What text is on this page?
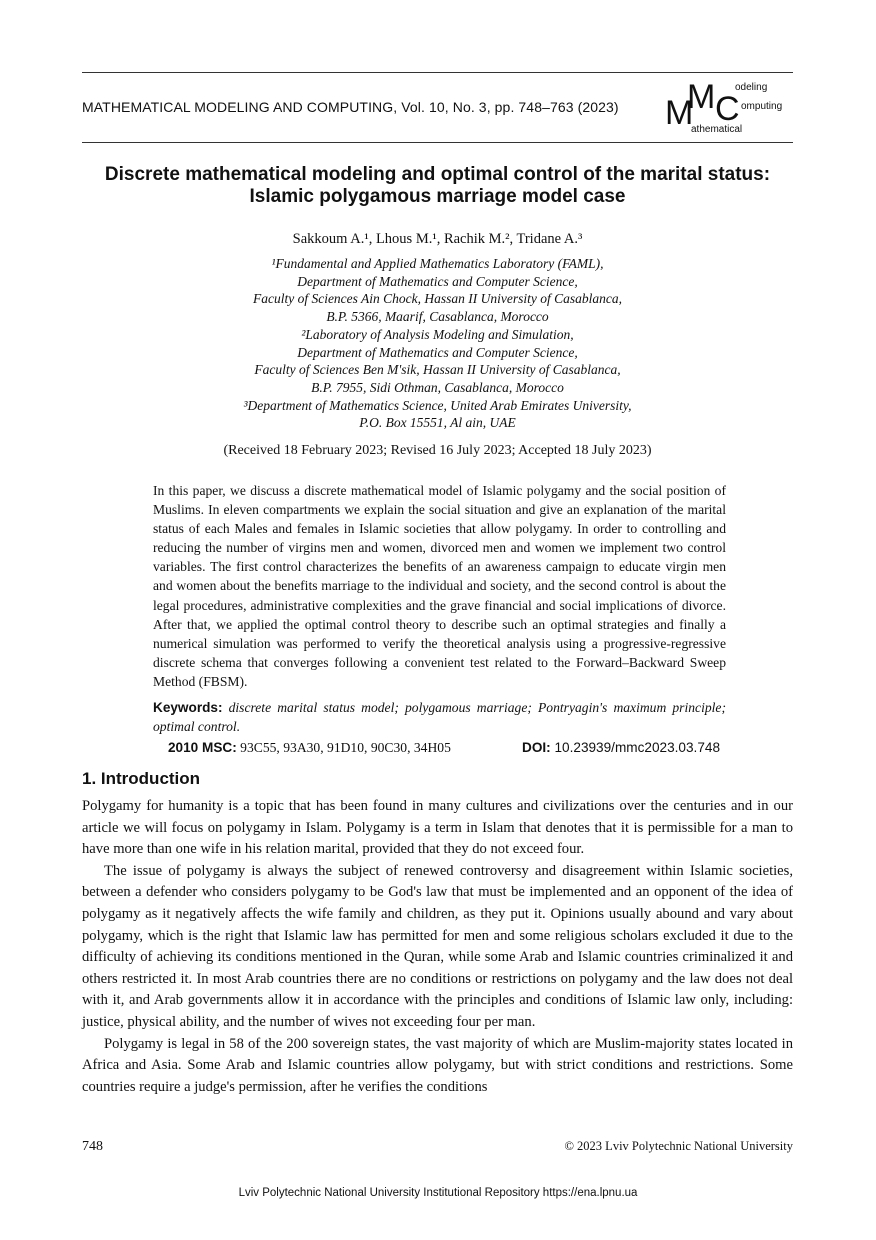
MATHEMATICAL MODELING AND COMPUTING, Vol. 10, No. 3, pp. 748–763 (2023) M
M C
odeling
omputing
athematical
Discrete mathematical modeling and optimal control of the marital status: Islamic polygamous marriage model case
Sakkoum A.¹, Lhous M.¹, Rachik M.², Tridane A.³
¹Fundamental and Applied Mathematics Laboratory (FAML),
Department of Mathematics and Computer Science,
Faculty of Sciences Ain Chock, Hassan II University of Casablanca,
B.P. 5366, Maarif, Casablanca, Morocco
²Laboratory of Analysis Modeling and Simulation,
Department of Mathematics and Computer Science,
Faculty of Sciences Ben M'sik, Hassan II University of Casablanca,
B.P. 7955, Sidi Othman, Casablanca, Morocco
³Department of Mathematics Science, United Arab Emirates University,
P.O. Box 15551, Al ain, UAE
(Received 18 February 2023; Revised 16 July 2023; Accepted 18 July 2023)

In this paper, we discuss a discrete mathematical model of Islamic polygamy and the social position of Muslims. In eleven compartments we explain the social situation and give an explanation of the marital status of each Males and females in Islamic societies that allow polygamy. In order to controlling and reducing the number of virgins men and women, divorced men and women we implement two control variables. The first control characterizes the benefits of an awareness campaign to educate virgin men and women about the benefits marriage to the individual and society, and the second control is about the legal procedures, administrative complexities and the grave financial and social implications of divorce. After that, we applied the optimal control theory to describe such an optimal strategies and finally a numerical simulation was performed to verify the theoretical analysis using a progressive-regressive discrete schema that converges following a convenient test related to the Forward–Backward Sweep Method (FBSM).

Keywords: discrete marital status model; polygamous marriage; Pontryagin's maximum principle; optimal control.
2010 MSC: 93C55, 93A30, 91D10, 90C30, 34H05	DOI: 10.23939/mmc2023.03.748
1. Introduction

Polygamy for humanity is a topic that has been found in many cultures and civilizations over the centuries and in our article we will focus on polygamy in Islam. Polygamy is a term in Islam that denotes that it is permissible for a man to have more than one wife in his relation marital, provided that they do not exceed four.

The issue of polygamy is always the subject of renewed controversy and disagreement within Islamic societies, between a defender who considers polygamy to be God's law that must be implemented and an opponent of the idea of polygamy as it negatively affects the wife family and children, as they put it. Opinions usually abound and vary about polygamy, which is the right that Islamic law has permitted for men and some religious scholars excluded it due to the difficulty of achieving its conditions mentioned in the Quran, while some Arab and Islamic countries criminalized it and others restricted it. In most Arab countries there are no conditions or restrictions on polygamy and the law does not deal with it, and Arab governments allow it in accordance with the principles and conditions of Islamic law only, including: justice, physical ability, and the number of wives not exceeding four per man.

Polygamy is legal in 58 of the 200 sovereign states, the vast majority of which are Muslim-majority states located in Africa and Asia. Some Arab and Islamic countries allow polygamy, but with strict conditions and restrictions. Some countries require a judge's permission, after he verifies the conditions

748	© 2023 Lviv Polytechnic National University
Lviv Polytechnic National University Institutional Repository https://ena.lpnu.ua
